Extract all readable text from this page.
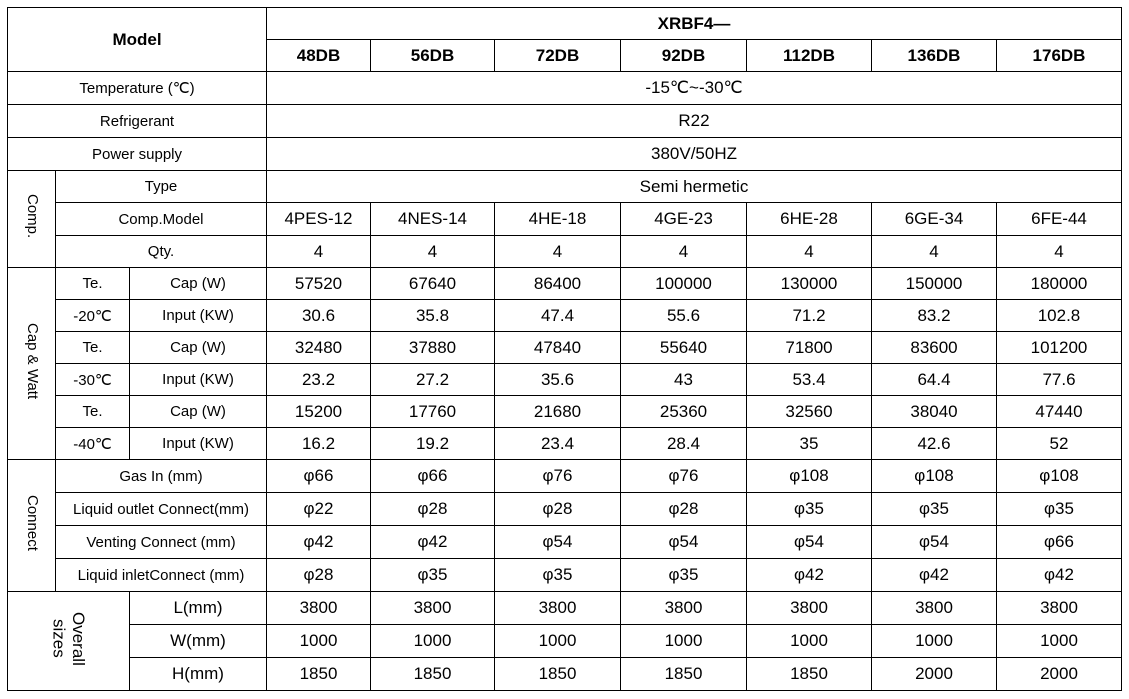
Model			XRBF4—						
			48DB	56DB	72DB	92DB	112DB	136DB	176DB
Temperature (℃)			-15℃~-30℃						
Refrigerant			R22						
Power supply			380V/50HZ						
Comp.	Type		Semi hermetic						
	Comp.Model		4PES-12	4NES-14	4HE-18	4GE-23	6HE-28	6GE-34	6FE-44
	Qty.		4	4	4	4	4	4	4
Cap & Watt	Te.	Cap (W)	57520	67640	86400	100000	130000	150000	180000
	-20℃	Input (KW)	30.6	35.8	47.4	55.6	71.2	83.2	102.8
	Te.	Cap (W)	32480	37880	47840	55640	71800	83600	101200
	-30℃	Input (KW)	23.2	27.2	35.6	43	53.4	64.4	77.6
	Te.	Cap (W)	15200	17760	21680	25360	32560	38040	47440
	-40℃	Input (KW)	16.2	19.2	23.4	28.4	35	42.6	52
Connect	Gas In (mm)		φ66	φ66	φ76	φ76	φ108	φ108	φ108
	Liquid outlet Connect(mm)		φ22	φ28	φ28	φ28	φ35	φ35	φ35
	Venting Connect (mm)		φ42	φ42	φ54	φ54	φ54	φ54	φ66
	Liquid inletConnect (mm)		φ28	φ35	φ35	φ35	φ42	φ42	φ42
Overall
sizes		L(mm)	3800	3800	3800	3800	3800	3800	3800
		W(mm)	1000	1000	1000	1000	1000	1000	1000
		H(mm)	1850	1850	1850	1850	1850	2000	2000
